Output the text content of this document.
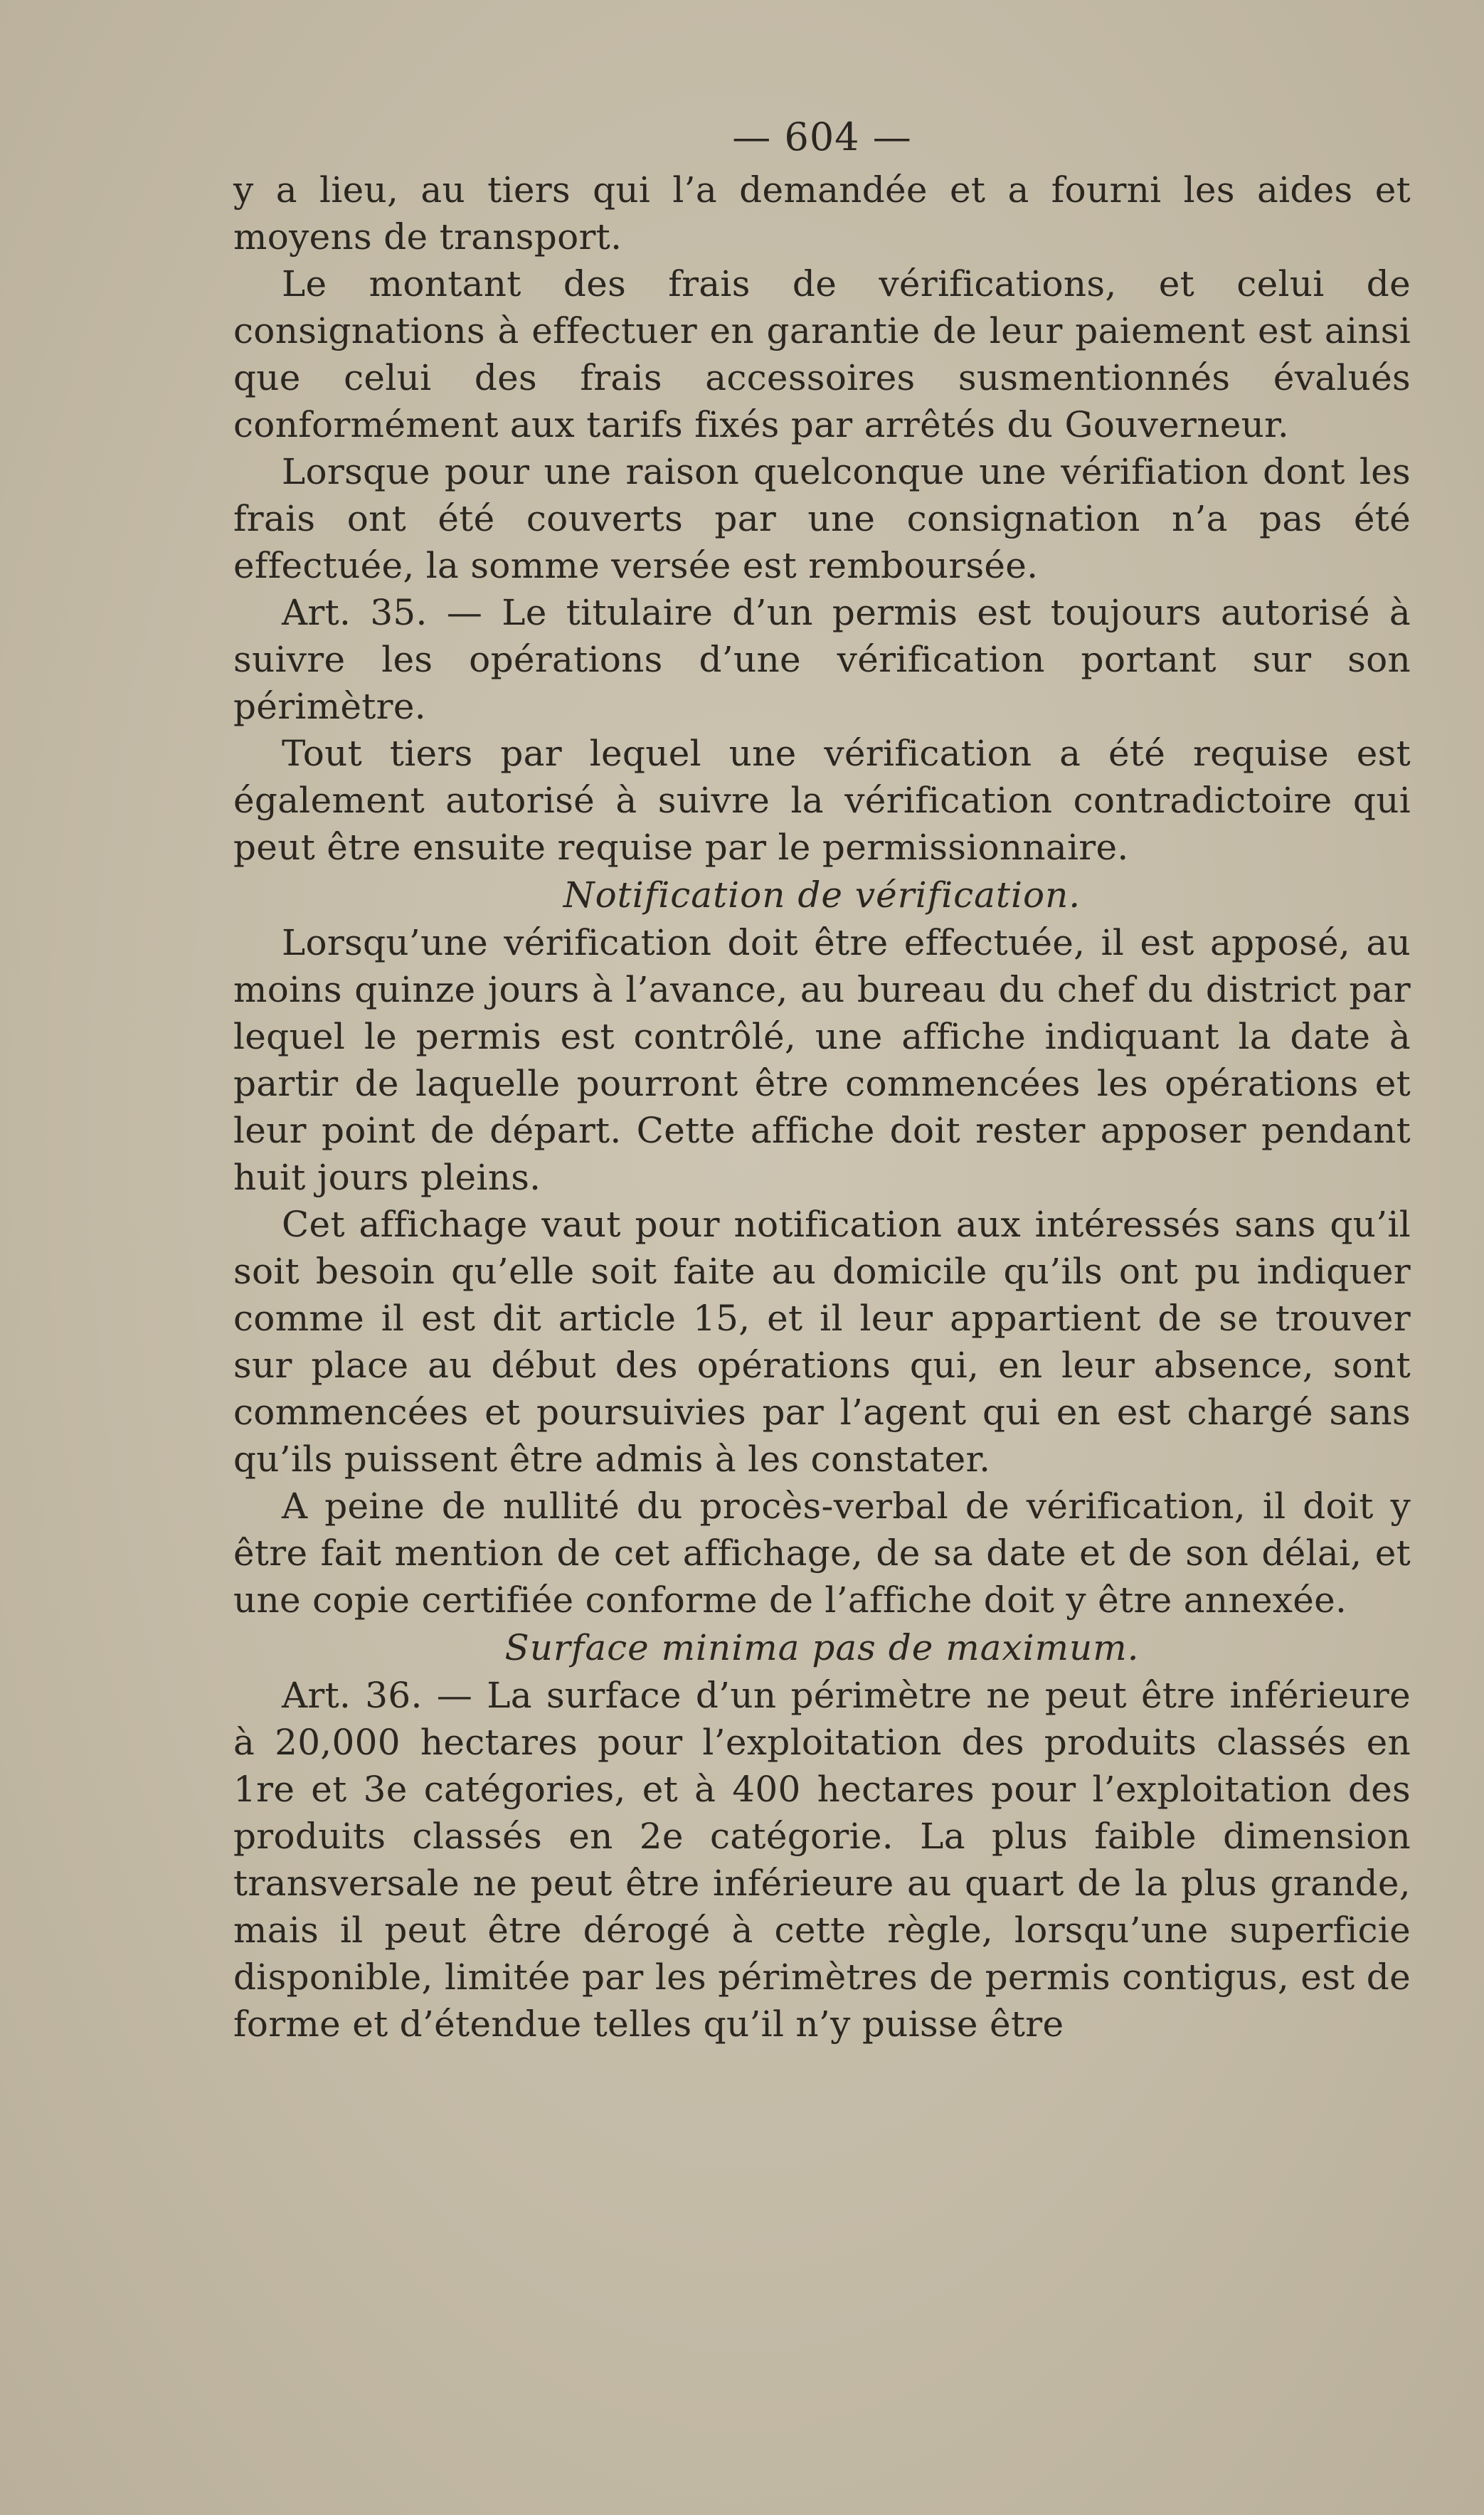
— 604 —

y a lieu, au tiers qui l’a demandée et a fourni les aides et moyens de transport.

Le montant des frais de vérifications, et celui de consignations à effectuer en garantie de leur paiement est ainsi que celui des frais accessoires susmentionnés évalués conformément aux tarifs fixés par arrêtés du Gouverneur.

Lorsque pour une raison quelconque une vérifiation dont les frais ont été couverts par une consignation n’a pas été effectuée, la somme versée est remboursée.

Art. 35. — Le titulaire d’un permis est toujours autorisé à suivre les opérations d’une vérification portant sur son périmètre.

Tout tiers par lequel une vérification a été requise est également autorisé à suivre la vérification contradictoire qui peut être ensuite requise par le permissionnaire.

Notification de vérification.

Lorsqu’une vérification doit être effectuée, il est apposé, au moins quinze jours à l’avance, au bureau du chef du district par lequel le permis est contrôlé, une affiche indiquant la date à partir de laquelle pourront être commencées les opérations et leur point de départ. Cette affiche doit rester apposer pendant huit jours pleins.

Cet affichage vaut pour notification aux intéressés sans qu’il soit besoin qu’elle soit faite au domicile qu’ils ont pu indiquer comme il est dit article 15, et il leur appartient de se trouver sur place au début des opérations qui, en leur absence, sont commencées et poursuivies par l’agent qui en est chargé sans qu’ils puissent être admis à les constater.

A peine de nullité du procès-verbal de vérification, il doit y être fait mention de cet affichage, de sa date et de son délai, et une copie certifiée conforme de l’affiche doit y être annexée.

Surface minima pas de maximum.

Art. 36. — La surface d’un périmètre ne peut être inférieure à 20,000 hectares pour l’exploitation des produits classés en 1re et 3e catégories, et à 400 hectares pour l’exploitation des produits classés en 2e catégorie. La plus faible dimension transversale ne peut être inférieure au quart de la plus grande, mais il peut être dérogé à cette règle, lorsqu’une superficie disponible, limitée par les périmètres de permis contigus, est de forme et d’étendue telles qu’il n’y puisse être
